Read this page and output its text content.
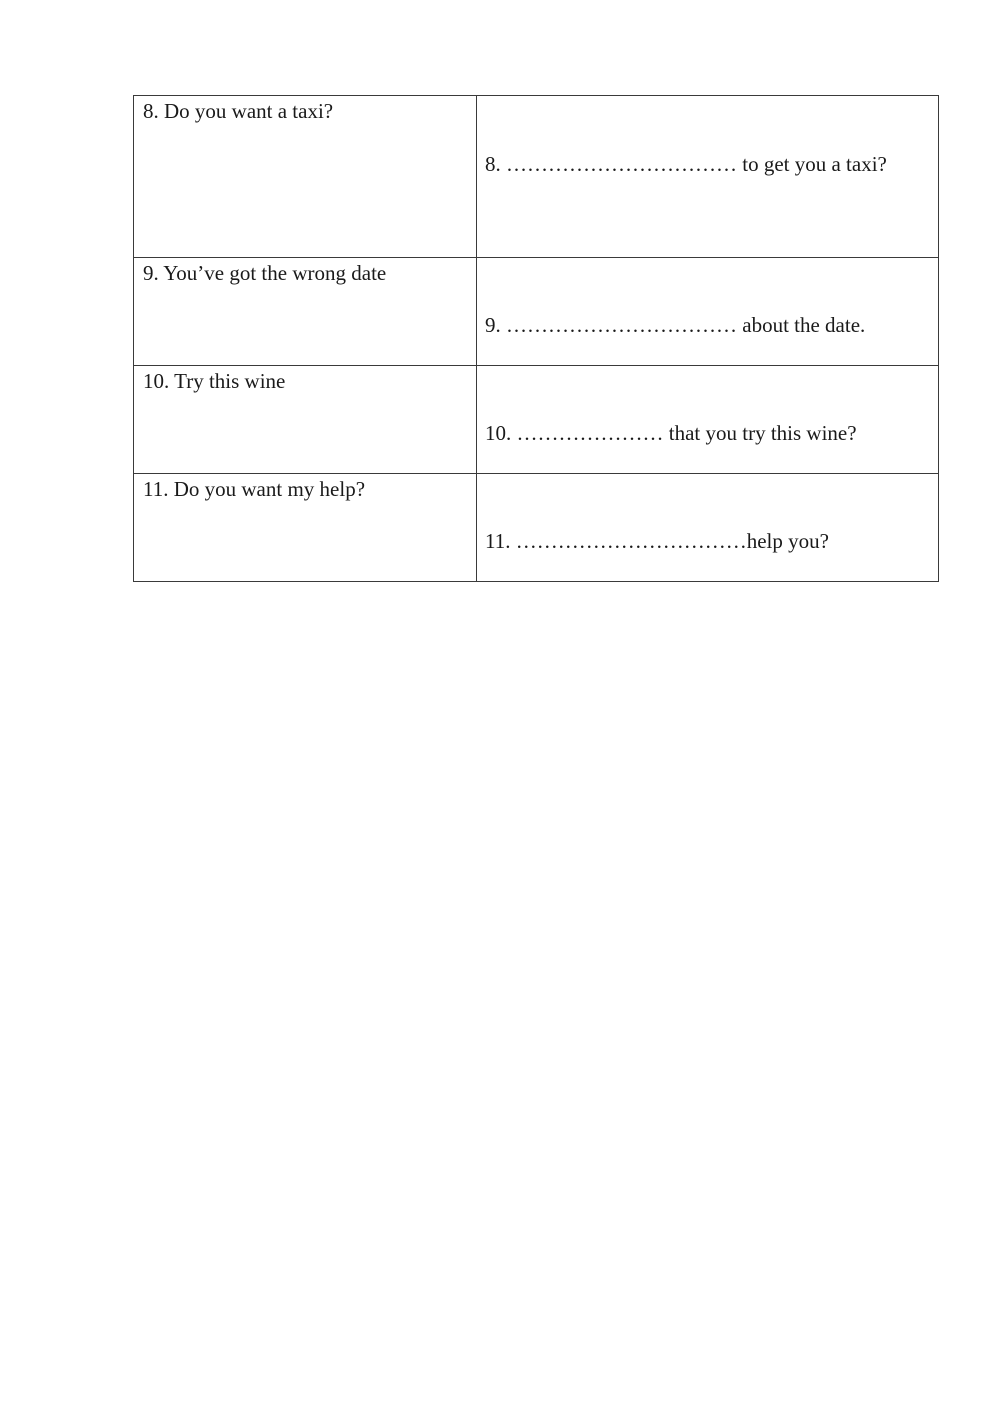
8. Do you want a taxi?	8. …………………………… to get you a taxi?

9. You’ve got the wrong date	9. …………………………… about the date.

10. Try this wine	10. ………………… that you try this wine?

11. Do you want my help?	11. ……………………………help you?
